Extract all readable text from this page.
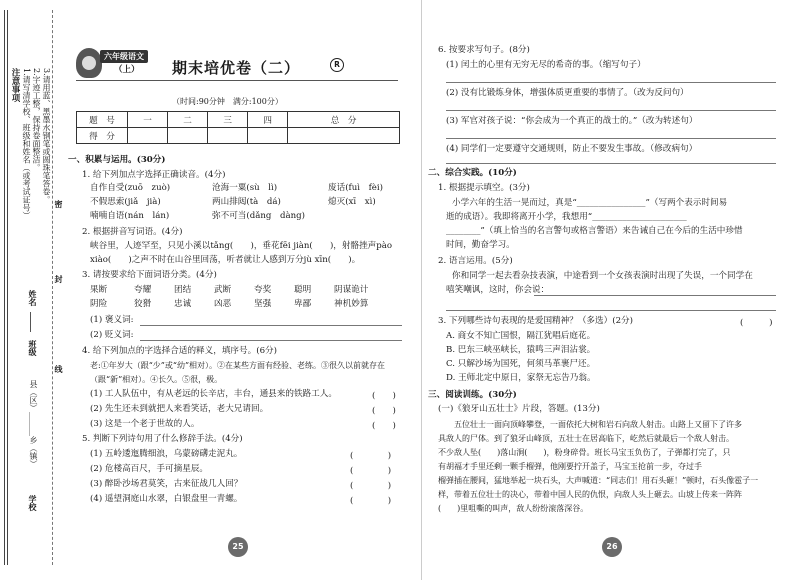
注意事项 1.请写清学校、班级和姓名（或考试证号） 2.字迹工整，保持卷面整洁。 3.请用蓝、黑墨水钢笔或圆珠笔答卷。
密
封
线
姓名
班级
学校
县（区）______乡（镇）
六年级语文
（上） 期末培优卷（二）	R
（时间:90分钟　满分:100分）
题　号	一	二	三	四	总　分
得　分					
一、积累与运用。(30分)
1. 给下列加点字选择正确读音。(4分)
自作自受(zuō　zuò)	沧海一粟(sù　lì)	废话(fuì　fèi)
不假思索(jiǎ　jià)	两山排闼(tà　dá)	熄灭(xī　xì)
喃喃自语(nán　lán)	弥不可当(dǎng　dàng)
2. 根据拼音写词语。(4分)
峡谷里，人迹罕至，只见小溪以tǎng(　　)，垂花fēi jiàn(　　)，射骼挫声pào
xiào(　　)之声不时在山谷里回荡，听者就让人感到万分jù xīn(　　)。
3. 请按要求给下面词语分类。(4分)
果断	夸耀	团结	武断	夸奖	聪明	阴谋诡计
阴险	狡猾	忠诚	凶恶	坚强	卑鄙	神机妙算
(1) 褒义词:
(2) 贬义词:
4. 给下列加点的字选择合适的释义，填序号。(6分)
老:①年岁大（跟“少”或“幼”相对）。②在某些方面有经验、老练。③很久以前就存在
（跟“新”相对）。④长久。⑤很，极。
(1) 工人队伍中，有从老远的长辛店，丰台，通县来的铁路工人。	(　　)
(2) 先生还未到就把人来看笑话，老大兄请回。	(　　)
(3) 这是一个老于世故的人。	(　　)
5. 判断下列诗句用了什么修辞手法。(4分)
(1) 五岭逶迤腾细浪，乌蒙磅礴走泥丸。	(　　　　)
(2) 危楼高百尺，手可摘星辰。	(　　　　)
(3) 醉卧沙场君莫笑，古来征战几人回？	(　　　　)
(4) 遥望洞庭山水翠，白银盘里一青螺。	(　　　　)
25
6. 按要求写句子。(8分)
(1) 闰土的心里有无穷无尽的希奇的事。（缩写句子）
(2) 没有比锻炼身体，增强体质更重要的事情了。（改为反问句）
(3) 军官对孩子说：“你会成为一个真正的战士的。”（改为转述句）
(4) 同学们一定要遵守交通规则，防止不要发生事故。（修改病句）
二、综合实践。(10分)
1. 根据提示填空。(3分)
小学六年的生活一晃而过，真是“________________”（写两个表示时间易
逝的成语）。我即将离开小学，我想用“______________________
________”（填上恰当的名言警句或格言警语）来告诫自己在今后的生活中珍惜
时间，勤奋学习。
2. 语言运用。(5分)
你和同学一起去看杂技表演，中途看到一个女孩表演时出现了失误，一个同学在
嘻笑嘲讽，这时，你会说：
3. 下列哪些诗句表现的是爱国精神？（多选）(2分)	(　　　)
A. 商女不知亡国恨，隔江犹唱后庭花。
B. 巴东三峡巫峡长，猿鸣三声泪沾裳。
C. 只解沙场为国死，何须马革裹尸还。
D. 王师北定中原日，家祭无忘告乃翁。
三、阅读训练。(30分)
(一)《狼牙山五壮士》片段，答题。(13分)
五位壮士一面向顶峰攀登，一面依托大树和岩石向敌人射击。山路上又留下了许多
具敌人的尸体。到了狼牙山峰顶，五壮士在居高临下，屹然后就最后一个敌人射击。
不少敌人坠(　　)落山涧(　　)，粉身碎骨。班长马宝玉负伤了，子弹都打完了，只
有胡福才手里还剩一颗手榴弹，他刚要拧开盖子，马宝玉抢前一步，夺过手
榴弹插在腰间，猛地举起一块石头，大声喊道：“同志们！用石头砸！”顿时，石头像雹子一
样，带着五位壮士的决心，带着中国人民的仇恨，向敌人头上砸去。山坡上传来一阵阵
(　　)里咀嘶的叫声，敌人纷纷滚落深谷。
26
